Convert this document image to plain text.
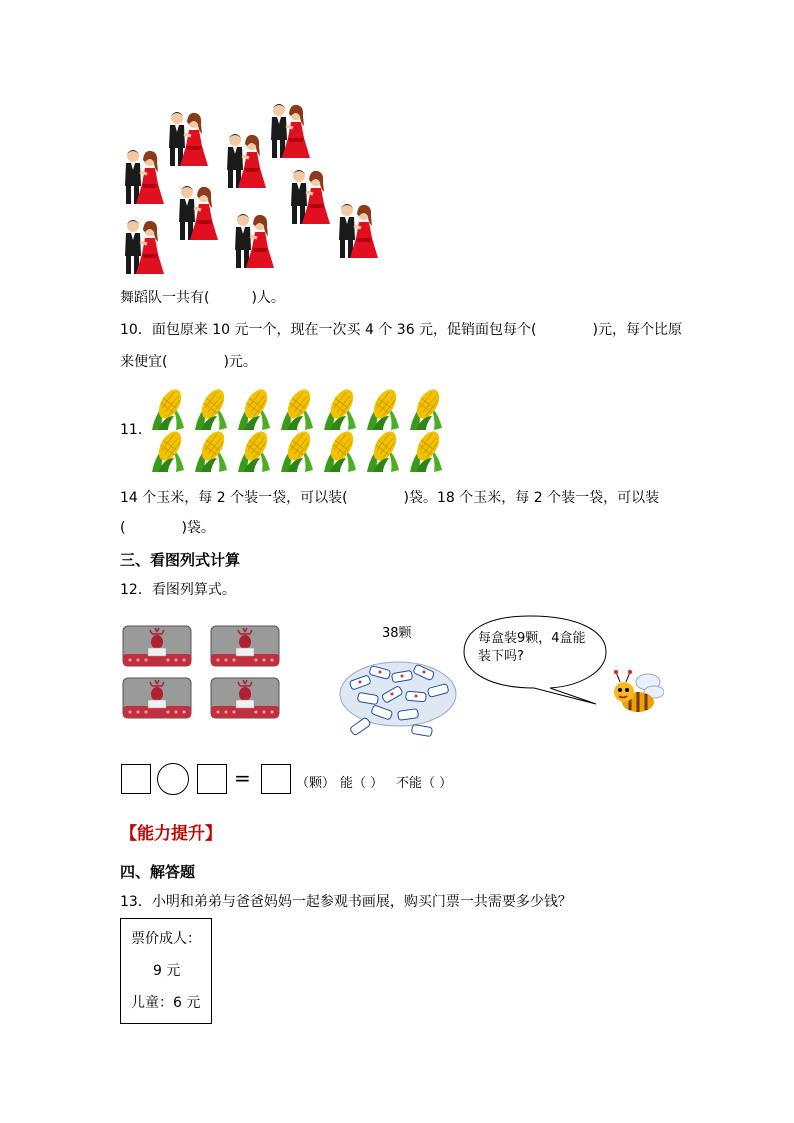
舞蹈队一共有(　　　)人。
10．面包原来 10 元一个，现在一次买 4 个 36 元，促销面包每个(　　　　)元，每个比原
来便宜(　　　　)元。
11．
14 个玉米，每 2 个装一袋，可以装(　　　　)袋。18 个玉米，每 2 个装一袋，可以装
(　　　　)袋。
三、看图列式计算
12．看图列算式。
38颗	每盒装9颗，4盒能
装下吗?
=	（颗） 能（ ） 不能（ ）
【能力提升】
四、解答题
13．小明和弟弟与爸爸妈妈一起参观书画展，购买门票一共需要多少钱？
票价成人：
9 元
儿童：6 元
